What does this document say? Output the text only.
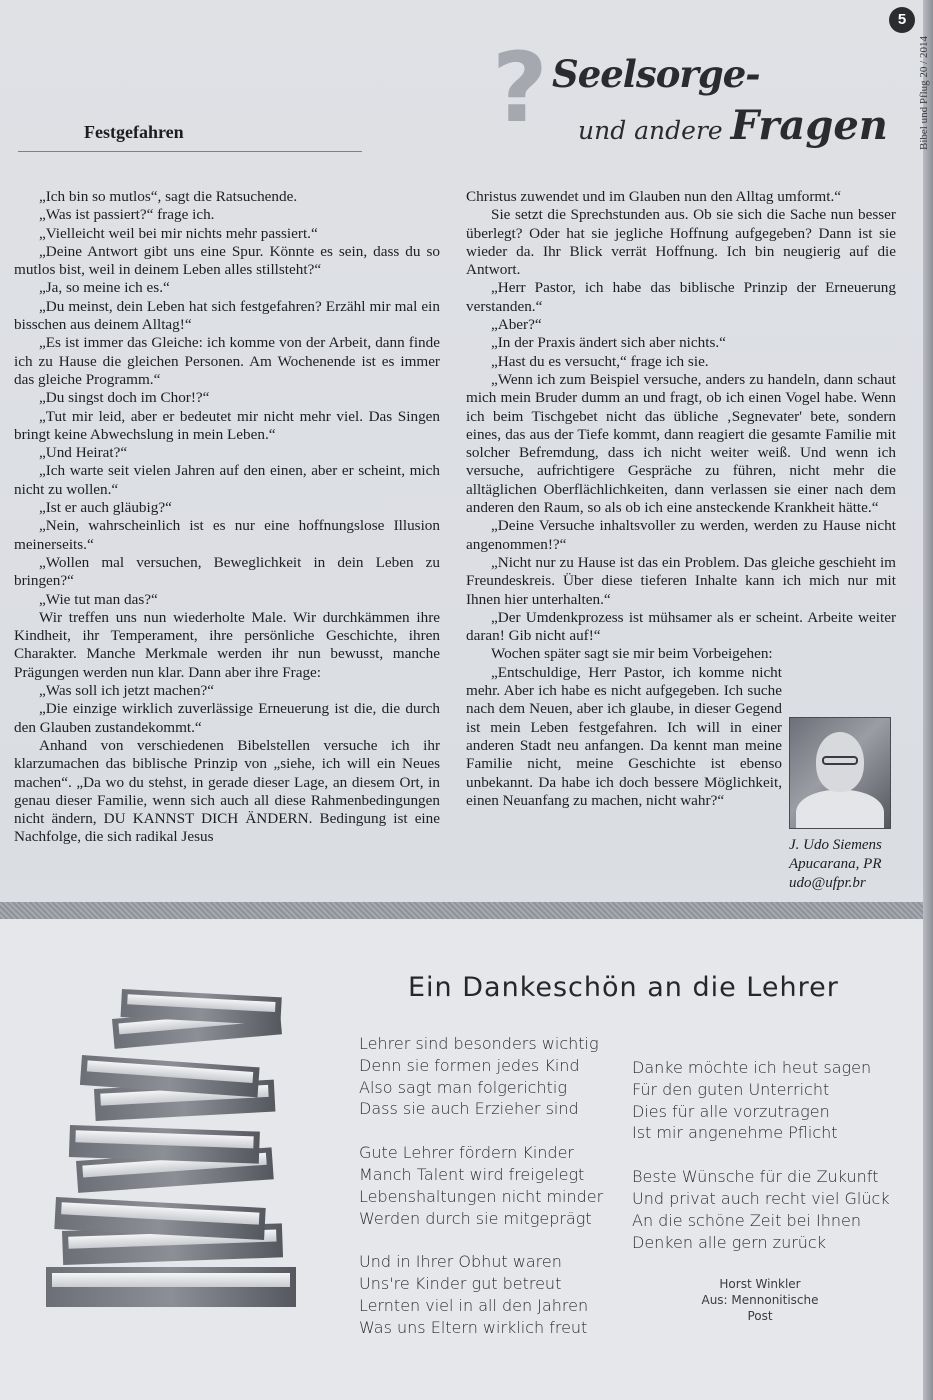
5
Bibel und Pflug 20 / 2014
? Seelsorge-
und andere Fragen
Festgefahren

„Ich bin so mutlos“, sagt die Ratsuchende.

„Was ist passiert?“ frage ich.

„Vielleicht weil bei mir nichts mehr passiert.“

„Deine Antwort gibt uns eine Spur. Könnte es sein, dass du so mutlos bist, weil in deinem Leben alles stillsteht?“

„Ja, so meine ich es.“

„Du meinst, dein Leben hat sich festgefahren? Erzähl mir mal ein bisschen aus deinem Alltag!“

„Es ist immer das Gleiche: ich komme von der Arbeit, dann finde ich zu Hause die gleichen Personen. Am Wochenende ist es immer das gleiche Programm.“

„Du singst doch im Chor!?“

„Tut mir leid, aber er bedeutet mir nicht mehr viel. Das Singen bringt keine Abwechslung in mein Leben.“

„Und Heirat?“

„Ich warte seit vielen Jahren auf den einen, aber er scheint, mich nicht zu wollen.“

„Ist er auch gläubig?“

„Nein, wahrscheinlich ist es nur eine hoffnungslose Illusion meinerseits.“

„Wollen mal versuchen, Beweglichkeit in dein Leben zu bringen?“

„Wie tut man das?“

Wir treffen uns nun wiederholte Male. Wir durchkämmen ihre Kindheit, ihr Temperament, ihre persönliche Geschichte, ihren Charakter. Manche Merkmale werden ihr nun bewusst, manche Prägungen werden nun klar. Dann aber ihre Frage:

„Was soll ich jetzt machen?“

„Die einzige wirklich zuverlässige Erneuerung ist die, die durch den Glauben zustandekommt.“

Anhand von verschiedenen Bibelstellen versuche ich ihr klarzumachen das biblische Prinzip von „siehe, ich will ein Neues machen“. „Da wo du stehst, in gerade dieser Lage, an diesem Ort, in genau dieser Familie, wenn sich auch all diese Rahmenbedingungen nicht ändern, DU KANNST DICH ÄNDERN. Bedingung ist eine Nachfolge, die sich radikal Jesus

Christus zuwendet und im Glauben nun den Alltag umformt.“

Sie setzt die Sprechstunden aus. Ob sie sich die Sache nun besser überlegt? Oder hat sie jegliche Hoffnung aufgegeben? Dann ist sie wieder da. Ihr Blick verrät Hoffnung. Ich bin neugierig auf die Antwort.

„Herr Pastor, ich habe das biblische Prinzip der Erneuerung verstanden.“

„Aber?“

„In der Praxis ändert sich aber nichts.“

„Hast du es versucht,“ frage ich sie.

„Wenn ich zum Beispiel versuche, anders zu handeln, dann schaut mich mein Bruder dumm an und fragt, ob ich einen Vogel habe. Wenn ich beim Tischgebet nicht das übliche ‚Segnevater' bete, sondern eines, das aus der Tiefe kommt, dann reagiert die gesamte Familie mit solcher Befremdung, dass ich nicht weiter weiß. Und wenn ich versuche, aufrichtigere Gespräche zu führen, nicht mehr die alltäglichen Oberflächlichkeiten, dann verlassen sie einer nach dem anderen den Raum, so als ob ich eine ansteckende Krankheit hätte.“

„Deine Versuche inhaltsvoller zu werden, werden zu Hause nicht angenommen!?“

„Nicht nur zu Hause ist das ein Problem. Das gleiche geschieht im Freundeskreis. Über diese tieferen Inhalte kann ich mich nur mit Ihnen hier unterhalten.“

„Der Umdenkprozess ist mühsamer als er scheint. Arbeite weiter daran! Gib nicht auf!“

Wochen später sagt sie mir beim Vorbeigehen:

„Entschuldige, Herr Pastor, ich komme nicht mehr. Aber ich habe es nicht aufgegeben. Ich suche nach dem Neuen, aber ich glaube, in dieser Gegend ist mein Leben festgefahren. Ich will in einer anderen Stadt neu anfangen. Da kennt man meine Familie nicht, meine Geschichte ist ebenso unbekannt. Da habe ich doch bessere Möglichkeit, einen Neuanfang zu machen, nicht wahr?“

J. Udo Siemens
Apucarana, PR
udo@ufpr.br
Ein Dankeschön an die Lehrer
Lehrer sind besonders wichtig
Denn sie formen jedes Kind
Also sagt man folgerichtig
Dass sie auch Erzieher sind
Gute Lehrer fördern Kinder
Manch Talent wird freigelegt
Lebenshaltungen nicht minder
Werden durch sie mitgeprägt
Und in Ihrer Obhut waren
Uns're Kinder gut betreut
Lernten viel in all den Jahren
Was uns Eltern wirklich freut
Danke möchte ich heut sagen
Für den guten Unterricht
Dies für alle vorzutragen
Ist mir angenehme Pflicht
Beste Wünsche für die Zukunft
Und privat auch recht viel Glück
An die schöne Zeit bei Ihnen
Denken alle gern zurück
Horst Winkler
Aus: Mennonitische Post
